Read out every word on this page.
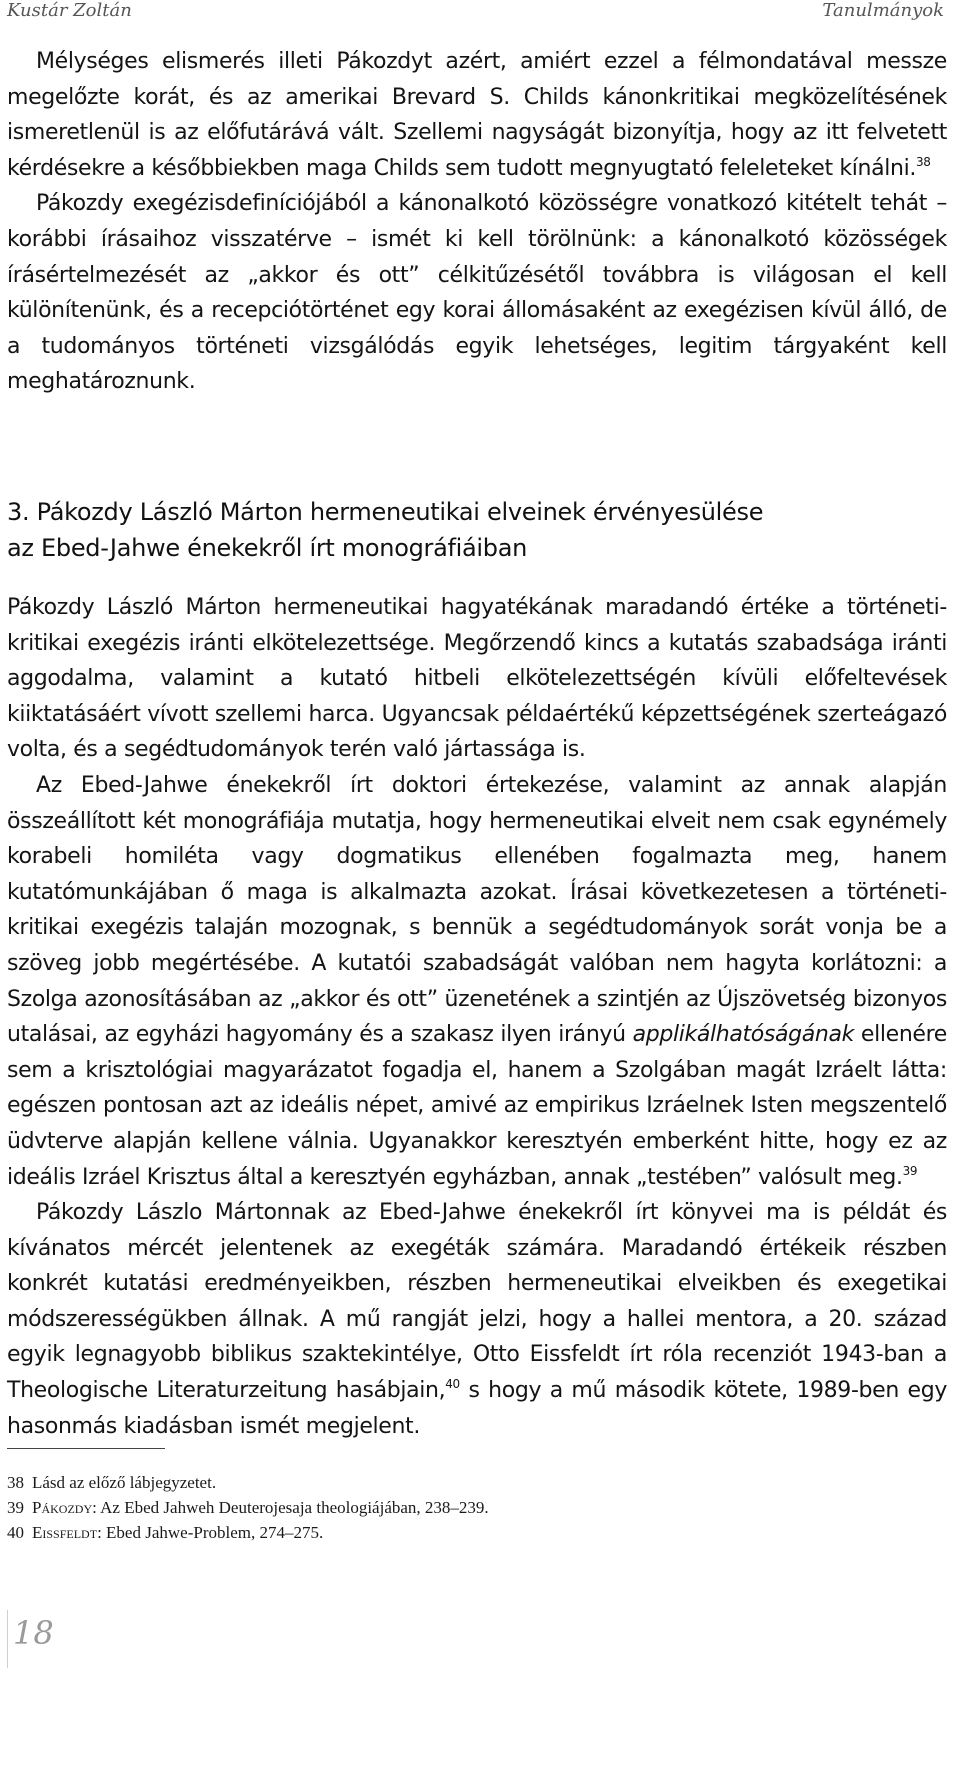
Kustár Zoltán	Tanulmányok

Mélységes elismerés illeti Pákozdyt azért, amiért ezzel a félmondatával messze megelőzte korát, és az amerikai Brevard S. Childs kánonkritikai megközelítésének ismeretlenül is az előfutárává vált. Szellemi nagyságát bizonyítja, hogy az itt felvetett kérdésekre a későbbiekben maga Childs sem tudott megnyugtató feleleteket kínálni.$^{38}$

Pákozdy exegézisdefiníciójából a kánonalkotó közösségre vonatkozó kitételt tehát – korábbi írásaihoz visszatérve – ismét ki kell törölnünk: a kánonalkotó közösségek írásértelmezését az „akkor és ott” célkitűzésétől továbbra is világosan el kell különítenünk, és a recepciótörténet egy korai állomásaként az exegézisen kívül álló, de a tudományos történeti vizsgálódás egyik lehetséges, legitim tárgyaként kell meghatároznunk.

3. Pákozdy László Márton hermeneutikai elveinek érvényesülése
az Ebed-Jahwe énekekről írt monográfiáiban

Pákozdy László Márton hermeneutikai hagyatékának maradandó értéke a történeti-kritikai exegézis iránti elkötelezettsége. Megőrzendő kincs a kutatás szabadsága iránti aggodalma, valamint a kutató hitbeli elkötelezettségén kívüli előfeltevések kiiktatásáért vívott szellemi harca. Ugyancsak példaértékű képzettségének szerteágazó volta, és a segédtudományok terén való jártassága is.

Az Ebed-Jahwe énekekről írt doktori értekezése, valamint az annak alapján összeállított két monográfiája mutatja, hogy hermeneutikai elveit nem csak egynémely korabeli homiléta vagy dogmatikus ellenében fogalmazta meg, hanem kutatómunkájában ő maga is alkalmazta azokat. Írásai következetesen a történeti-kritikai exegézis talaján mozognak, s bennük a segédtudományok sorát vonja be a szöveg jobb megértésébe. A kutatói szabadságát valóban nem hagyta korlátozni: a Szolga azonosításában az „akkor és ott” üzenetének a szintjén az Újszövetség bizonyos utalásai, az egyházi hagyomány és a szakasz ilyen irányú applikálhatóságának ellenére sem a krisztológiai magyarázatot fogadja el, hanem a Szolgában magát Izráelt látta: egészen pontosan azt az ideális népet, amivé az empirikus Izráelnek Isten megszentelő üdvterve alapján kellene válnia. Ugyanakkor keresztyén emberként hitte, hogy ez az ideális Izráel Krisztus által a keresztyén egyházban, annak „testében” valósult meg.$^{39}$

Pákozdy Lászlo Mártonnak az Ebed-Jahwe énekekről írt könyvei ma is példát és kívánatos mércét jelentenek az exegéták számára. Maradandó értékeik részben konkrét kutatási eredményeikben, részben hermeneutikai elveikben és exegetikai módszerességükben állnak. A mű rangját jelzi, hogy a hallei mentora, a 20. század egyik legnagyobb biblikus szaktekintélye, Otto Eissfeldt írt róla recenziót 1943-ban a Theologische Literaturzeitung hasábjain,$^{40}$ s hogy a mű második kötete, 1989-ben egy hasonmás kiadásban ismét megjelent.

38 Lásd az előző lábjegyzetet.
39 Pákozdy: Az Ebed Jahweh Deuterojesaja theologiájában, 238–239.
40 Eissfeldt: Ebed Jahwe-Problem, 274–275.
18
